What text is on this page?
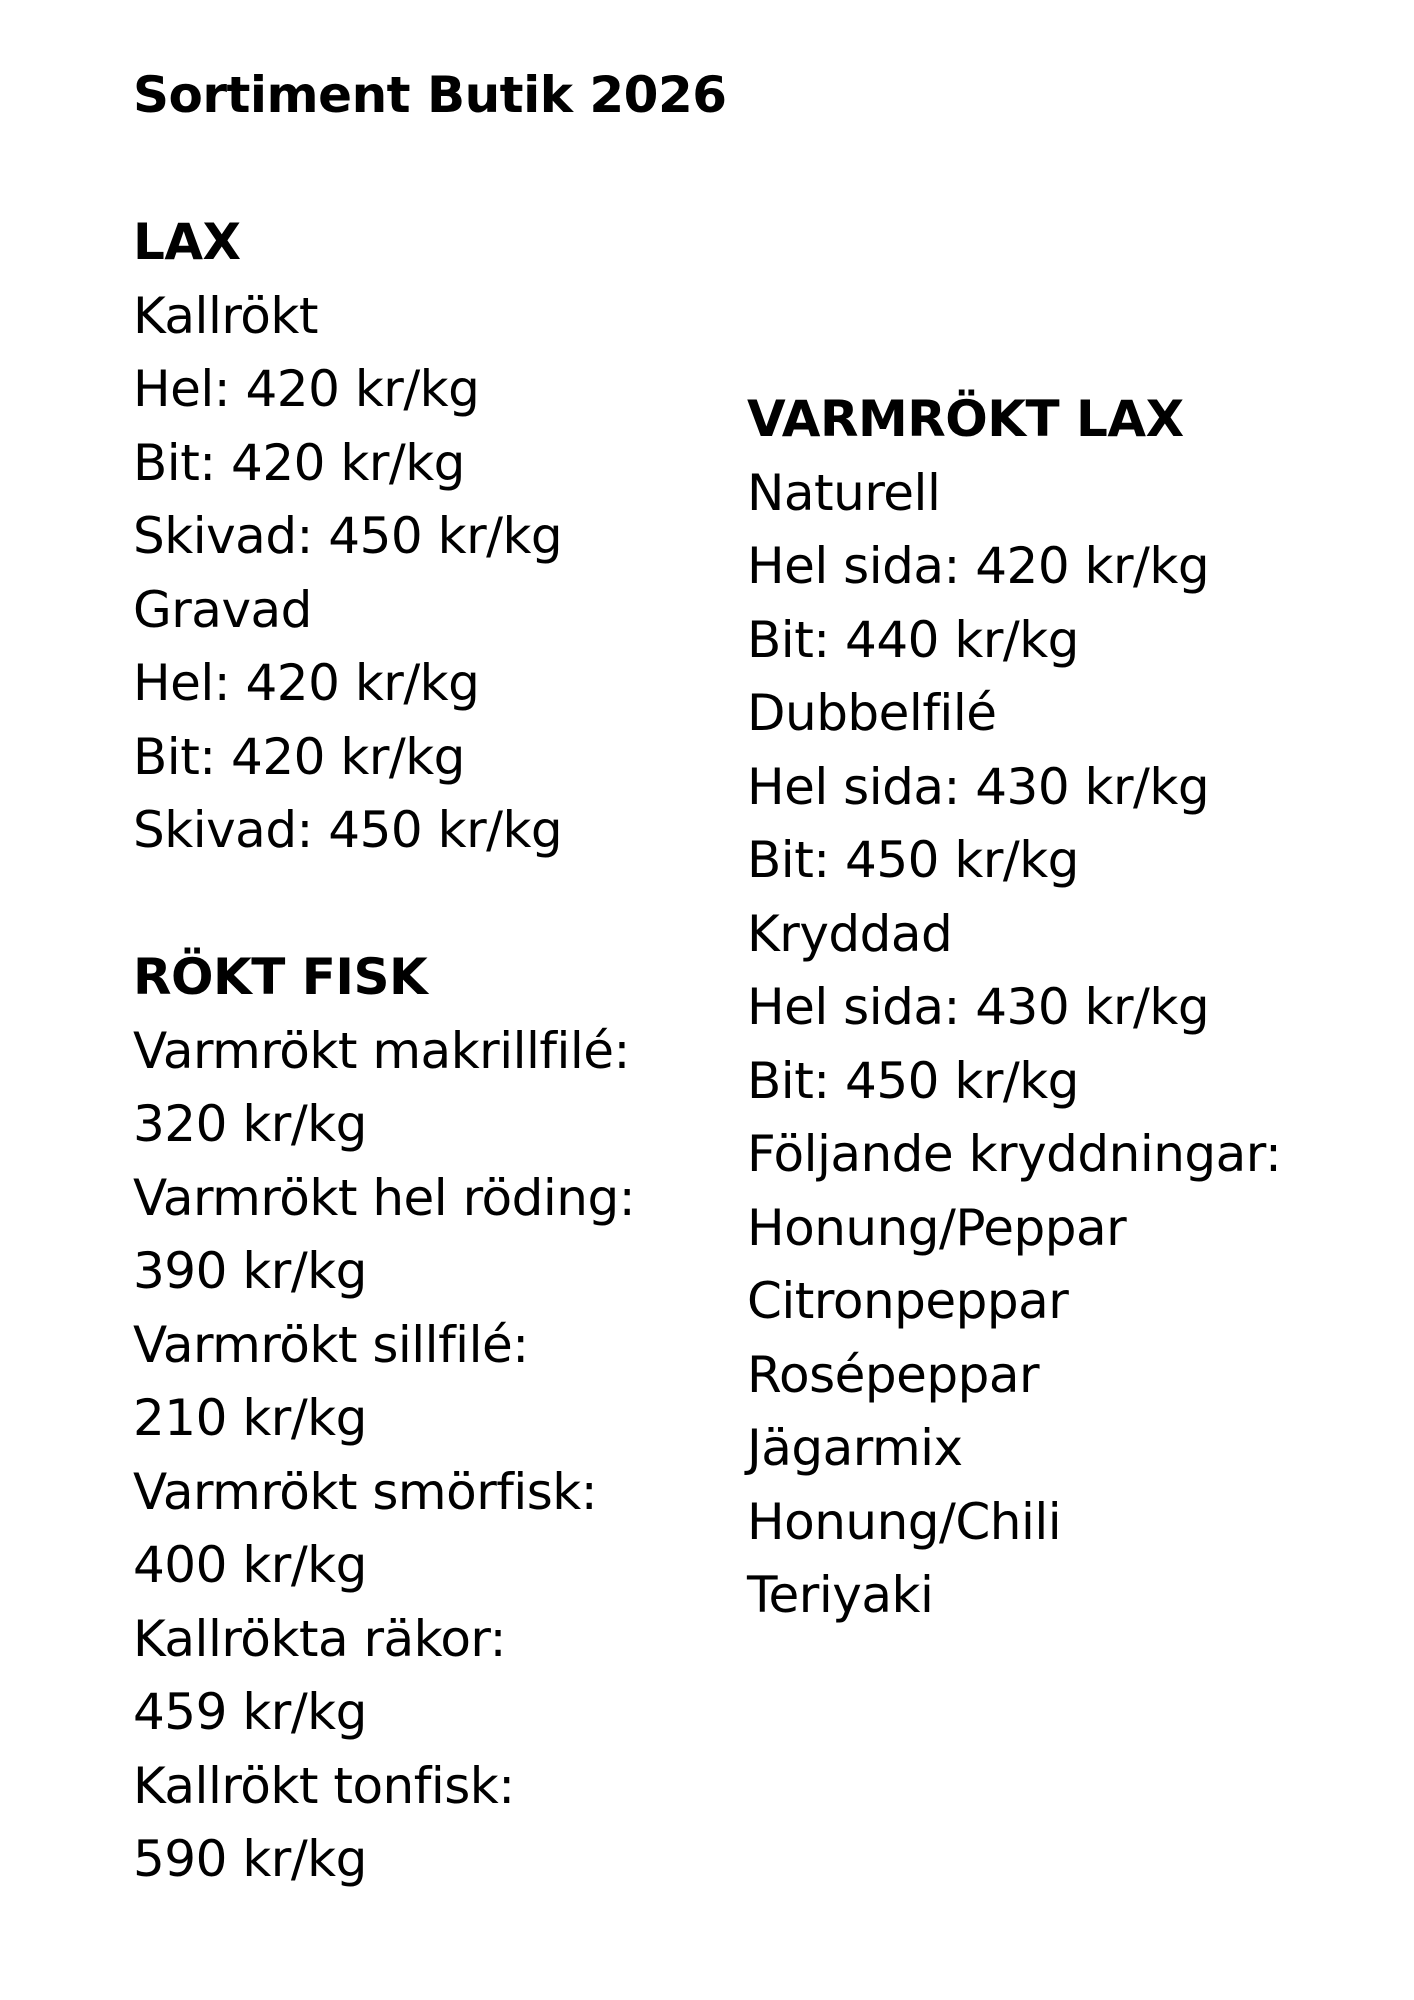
Sortiment Butik 2026
LAX
Kallrökt
Hel: 420 kr/kg
Bit: 420 kr/kg
Skivad: 450 kr/kg
Gravad
Hel: 420 kr/kg
Bit: 420 kr/kg
Skivad: 450 kr/kg
RÖKT FISK
Varmrökt makrillfilé:
320 kr/kg
Varmrökt hel röding:
390 kr/kg
Varmrökt sillfilé:
210 kr/kg
Varmrökt smörfisk:
400 kr/kg
Kallrökta räkor:
459 kr/kg
Kallrökt tonfisk:
590 kr/kg
VARMRÖKT LAX
Naturell
Hel sida: 420 kr/kg
Bit: 440 kr/kg
Dubbelfilé
Hel sida: 430 kr/kg
Bit: 450 kr/kg
Kryddad
Hel sida: 430 kr/kg
Bit: 450 kr/kg
Följande kryddningar:
Honung/Peppar
Citronpeppar
Rosépeppar
Jägarmix
Honung/Chili
Teriyaki
